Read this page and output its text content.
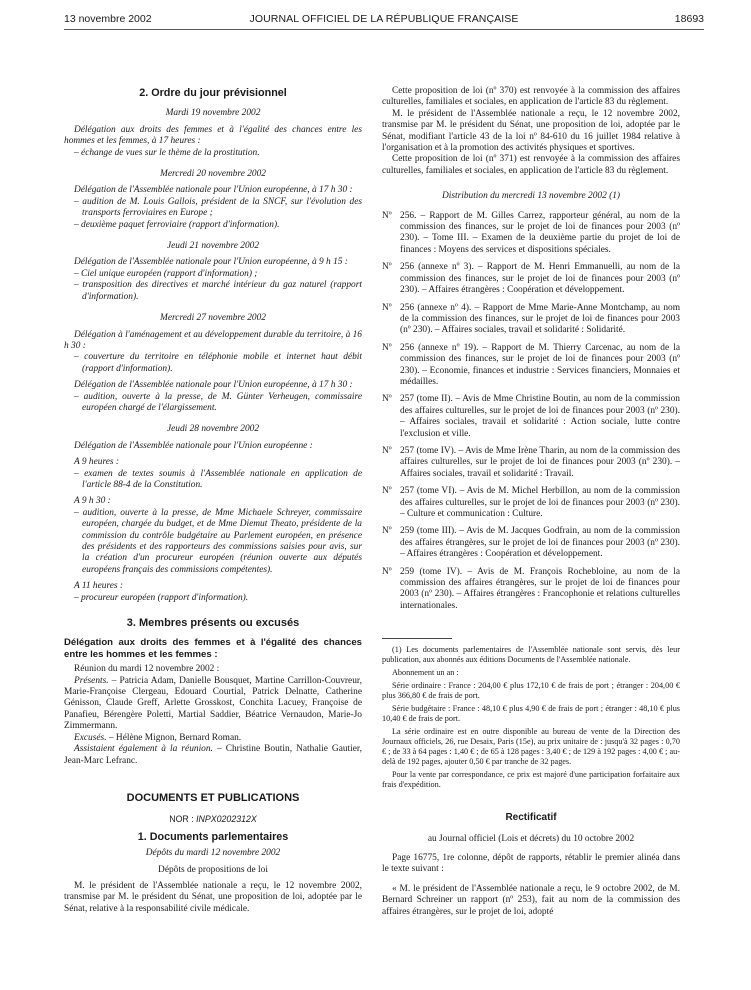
13 novembre 2002	JOURNAL OFFICIEL DE LA RÉPUBLIQUE FRANÇAISE	18693
2. Ordre du jour prévisionnel
Mardi 19 novembre 2002

Délégation aux droits des femmes et à l'égalité des chances entre les hommes et les femmes, à 17 heures :

– échange de vues sur le thème de la prostitution.

Mercredi 20 novembre 2002

Délégation de l'Assemblée nationale pour l'Union européenne, à 17 h 30 :

– audition de M. Louis Gallois, président de la SNCF, sur l'évolution des transports ferroviaires en Europe ;

– deuxième paquet ferroviaire (rapport d'information).

Jeudi 21 novembre 2002

Délégation de l'Assemblée nationale pour l'Union européenne, à 9 h 15 :

– Ciel unique européen (rapport d'information) ;

– transposition des directives et marché intérieur du gaz naturel (rapport d'information).

Mercredi 27 novembre 2002

Délégation à l'aménagement et au développement durable du territoire, à 16 h 30 :

– couverture du territoire en téléphonie mobile et internet haut débit (rapport d'information).

Délégation de l'Assemblée nationale pour l'Union européenne, à 17 h 30 :

– audition, ouverte à la presse, de M. Günter Verheugen, commissaire européen chargé de l'élargissement.

Jeudi 28 novembre 2002

Délégation de l'Assemblée nationale pour l'Union européenne :

A 9 heures :

– examen de textes soumis à l'Assemblée nationale en application de l'article 88-4 de la Constitution.

A 9 h 30 :

– audition, ouverte à la presse, de Mme Michaele Schreyer, commissaire européen, chargée du budget, et de Mme Diemut Theato, présidente de la commission du contrôle budgétaire au Parlement européen, en présence des présidents et des rapporteurs des commissions saisies pour avis, sur la création d'un procureur européen (réunion ouverte aux députés européens français des commissions compétentes).

A 11 heures :

– procureur européen (rapport d'information).

3. Membres présents ou excusés

Délégation aux droits des femmes et à l'égalité des chances entre les hommes et les femmes :

Réunion du mardi 12 novembre 2002 :

Présents. – Patricia Adam, Danielle Bousquet, Martine Carrillon-Couvreur, Marie-Françoise Clergeau, Edouard Courtial, Patrick Delnatte, Catherine Génisson, Claude Greff, Arlette Grosskost, Conchita Lacuey, Françoise de Panafieu, Bérengère Poletti, Martial Saddier, Béatrice Vernaudon, Marie-Jo Zimmermann.

Excusés. – Hélène Mignon, Bernard Roman.

Assistaient également à la réunion. – Christine Boutin, Nathalie Gautier, Jean-Marc Lefranc.

DOCUMENTS ET PUBLICATIONS
NOR : INPX0202312X
1. Documents parlementaires
Dépôts du mardi 12 novembre 2002
Dépôts de propositions de loi

M. le président de l'Assemblée nationale a reçu, le 12 novembre 2002, transmise par M. le président du Sénat, une proposition de loi, adoptée par le Sénat, relative à la responsabilité civile médicale.

Cette proposition de loi (nº 370) est renvoyée à la commission des affaires culturelles, familiales et sociales, en application de l'article 83 du règlement.

M. le président de l'Assemblée nationale a reçu, le 12 novembre 2002, transmise par M. le président du Sénat, une proposition de loi, adoptée par le Sénat, modifiant l'article 43 de la loi nº 84-610 du 16 juillet 1984 relative à l'organisation et à la promotion des activités physiques et sportives.

Cette proposition de loi (nº 371) est renvoyée à la commission des affaires culturelles, familiales et sociales, en application de l'article 83 du règlement.

Distribution du mercredi 13 novembre 2002 (1)
Nº 256. – Rapport de M. Gilles Carrez, rapporteur général, au nom de la commission des finances, sur le projet de loi de finances pour 2003 (nº 230). – Tome III. – Examen de la deuxième partie du projet de loi de finances : Moyens des services et dispositions spéciales.
Nº 256 (annexe nº 3). – Rapport de M. Henri Emmanuelli, au nom de la commission des finances, sur le projet de loi de finances pour 2003 (nº 230). – Affaires étrangères : Coopération et développement.
Nº 256 (annexe nº 4). – Rapport de Mme Marie-Anne Montchamp, au nom de la commission des finances, sur le projet de loi de finances pour 2003 (nº 230). – Affaires sociales, travail et solidarité : Solidarité.
Nº 256 (annexe nº 19). – Rapport de M. Thierry Carcenac, au nom de la commission des finances, sur le projet de loi de finances pour 2003 (nº 230). – Economie, finances et industrie : Services financiers, Monnaies et médailles.
Nº 257 (tome II). – Avis de Mme Christine Boutin, au nom de la commission des affaires culturelles, sur le projet de loi de finances pour 2003 (nº 230). – Affaires sociales, travail et solidarité : Action sociale, lutte contre l'exclusion et ville.
Nº 257 (tome IV). – Avis de Mme Irène Tharin, au nom de la commission des affaires culturelles, sur le projet de loi de finances pour 2003 (nº 230). – Affaires sociales, travail et solidarité : Travail.
Nº 257 (tome VI). – Avis de M. Michel Herbillon, au nom de la commission des affaires culturelles, sur le projet de loi de finances pour 2003 (nº 230). – Culture et communication : Culture.
Nº 259 (tome III). – Avis de M. Jacques Godfrain, au nom de la commission des affaires étrangères, sur le projet de loi de finances pour 2003 (nº 230). – Affaires étrangères : Coopération et développement.
Nº 259 (tome IV). – Avis de M. François Rochebloine, au nom de la commission des affaires étrangères, sur le projet de loi de finances pour 2003 (nº 230). – Affaires étrangères : Francophonie et relations culturelles internationales.

(1) Les documents parlementaires de l'Assemblée nationale sont servis, dès leur publication, aux abonnés aux éditions Documents de l'Assemblée nationale.

Abonnement un an :

Série ordinaire : France : 204,00 € plus 172,10 € de frais de port ; étranger : 204,00 € plus 366,80 € de frais de port.

Série budgétaire : France : 48,10 € plus 4,90 € de frais de port ; étranger : 48,10 € plus 10,40 € de frais de port.

La série ordinaire est en outre disponible au bureau de vente de la Direction des Journaux officiels, 26, rue Desaix, Paris (15e), au prix unitaire de : jusqu'à 32 pages : 0,70 € ; de 33 à 64 pages : 1,40 € ; de 65 à 128 pages : 3,40 € ; de 129 à 192 pages : 4,00 € ; au-delà de 192 pages, ajouter 0,50 € par tranche de 32 pages.

Pour la vente par correspondance, ce prix est majoré d'une participation forfaitaire aux frais d'expédition.

Rectificatif

au Journal officiel (Lois et décrets) du 10 octobre 2002

Page 16775, 1re colonne, dépôt de rapports, rétablir le premier alinéa dans le texte suivant :

« M. le président de l'Assemblée nationale a reçu, le 9 octobre 2002, de M. Bernard Schreiner un rapport (nº 253), fait au nom de la commission des affaires étrangères, sur le projet de loi, adopté
